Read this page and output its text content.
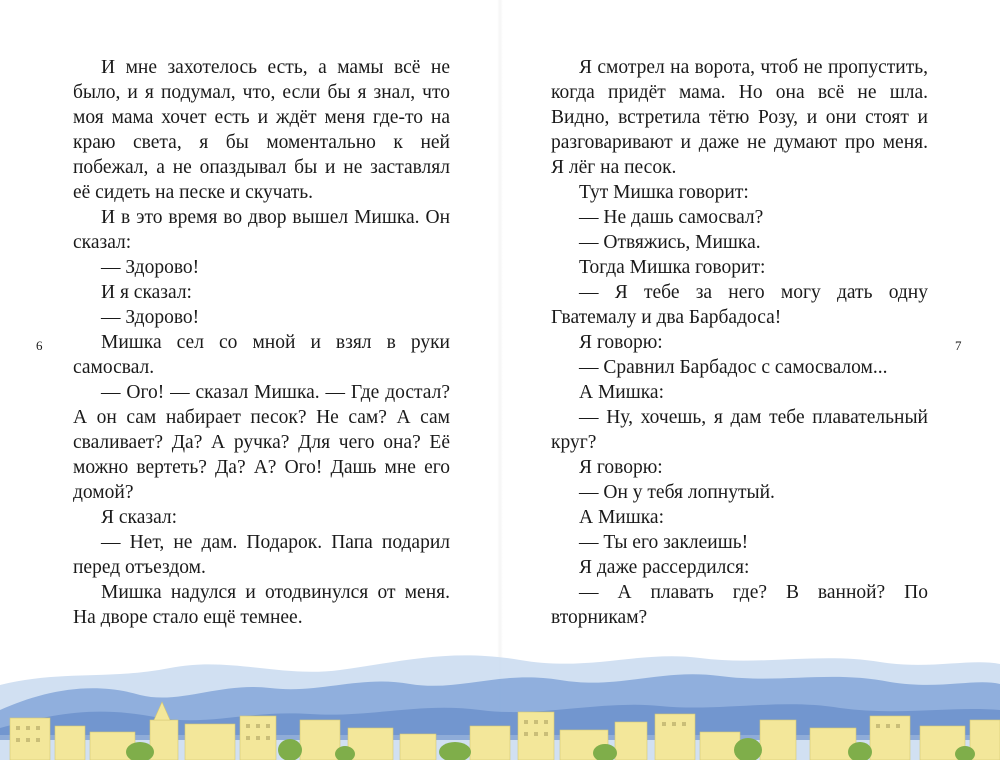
6	7

И мне захотелось есть, а мамы всё не было, и я подумал, что, если бы я знал, что моя мама хочет есть и ждёт меня где-то на краю света, я бы моментально к ней побежал, а не опаздывал бы и не заставлял её сидеть на песке и скучать.

И в это время во двор вышел Мишка. Он сказал:

— Здорово!

И я сказал:

— Здорово!

Мишка сел со мной и взял в руки самосвал.

— Ого! — сказал Мишка. — Где достал? А он сам набирает песок? Не сам? А сам сваливает? Да? А ручка? Для чего она? Её можно вертеть? Да? А? Ого! Дашь мне его домой?

Я сказал:

— Нет, не дам. Подарок. Папа подарил перед отъездом.

Мишка надулся и отодвинулся от меня. На дворе стало ещё темнее.

Я смотрел на ворота, чтоб не пропустить, когда придёт мама. Но она всё не шла. Видно, встретила тётю Розу, и они стоят и разговаривают и даже не думают про меня. Я лёг на песок.

Тут Мишка говорит:

— Не дашь самосвал?

— Отвяжись, Мишка.

Тогда Мишка говорит:

— Я тебе за него могу дать одну Гватемалу и два Барбадоса!

Я говорю:

— Сравнил Барбадос с самосвалом...

А Мишка:

— Ну, хочешь, я дам тебе плавательный круг?

Я говорю:

— Он у тебя лопнутый.

А Мишка:

— Ты его заклеишь!

Я даже рассердился:

— А плавать где? В ванной? По вторникам?
